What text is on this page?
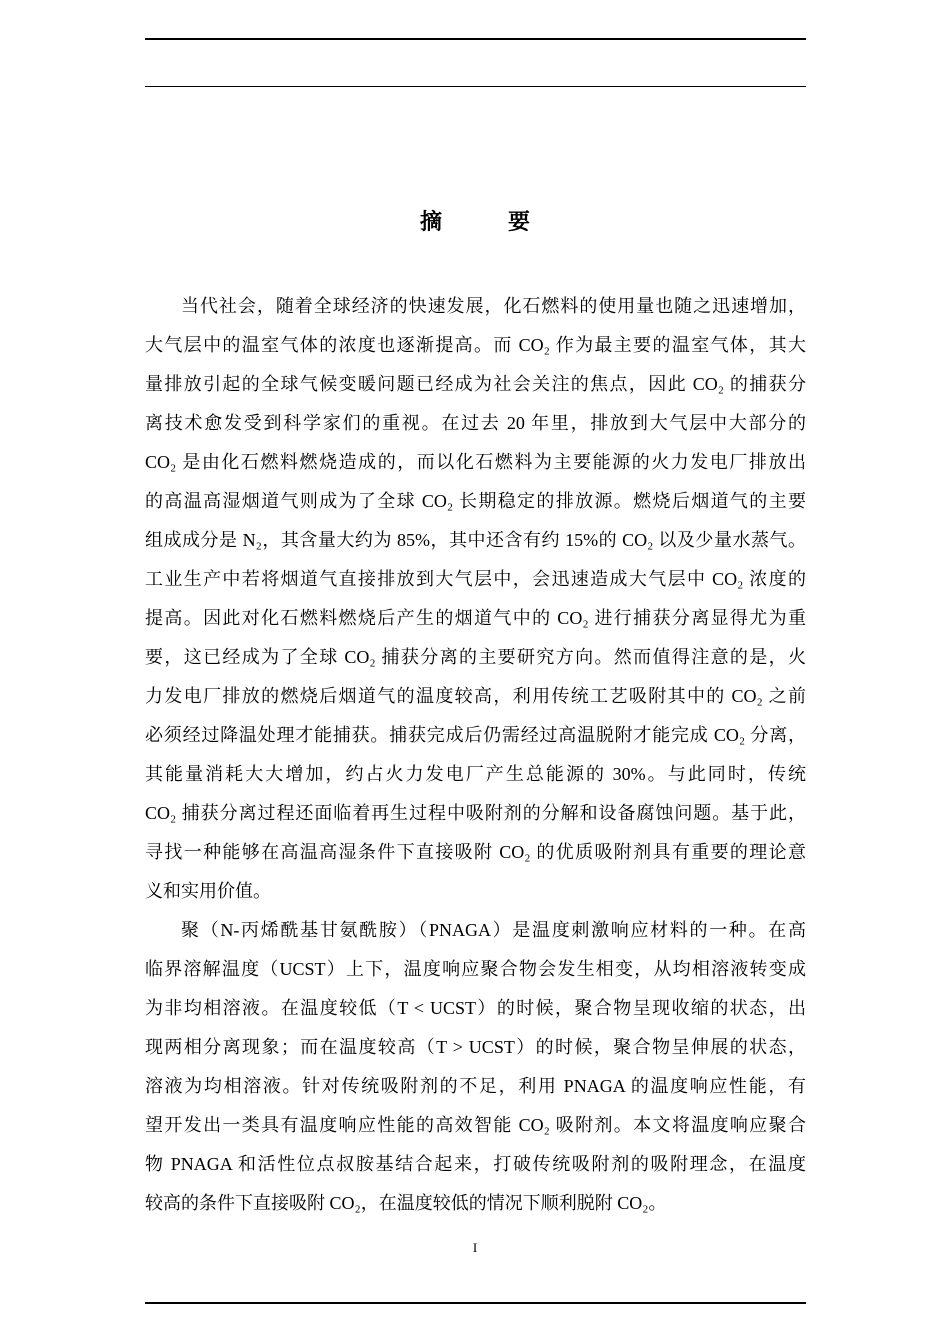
摘　要
当代社会，随着全球经济的快速发展，化石燃料的使用量也随之迅速增加，
大气层中的温室气体的浓度也逐渐提高。而 CO₂ 作为最主要的温室气体，其大
量排放引起的全球气候变暖问题已经成为社会关注的焦点，因此 CO₂ 的捕获分
离技术愈发受到科学家们的重视。在过去 20 年里，排放到大气层中大部分的
CO₂ 是由化石燃料燃烧造成的，而以化石燃料为主要能源的火力发电厂排放出
的高温高湿烟道气则成为了全球 CO₂ 长期稳定的排放源。燃烧后烟道气的主要
组成成分是 N₂，其含量大约为 85%，其中还含有约 15%的 CO₂ 以及少量水蒸气。
工业生产中若将烟道气直接排放到大气层中，会迅速造成大气层中 CO₂ 浓度的
提高。因此对化石燃料燃烧后产生的烟道气中的 CO₂ 进行捕获分离显得尤为重
要，这已经成为了全球 CO₂ 捕获分离的主要研究方向。然而值得注意的是，火
力发电厂排放的燃烧后烟道气的温度较高，利用传统工艺吸附其中的 CO₂ 之前
必须经过降温处理才能捕获。捕获完成后仍需经过高温脱附才能完成 CO₂ 分离，
其能量消耗大大增加，约占火力发电厂产生总能源的 30%。与此同时，传统
CO₂ 捕获分离过程还面临着再生过程中吸附剂的分解和设备腐蚀问题。基于此，
寻找一种能够在高温高湿条件下直接吸附 CO₂ 的优质吸附剂具有重要的理论意
义和实用价值。
聚（N-丙烯酰基甘氨酰胺）（PNAGA）是温度刺激响应材料的一种。在高
临界溶解温度（UCST）上下，温度响应聚合物会发生相变，从均相溶液转变成
为非均相溶液。在温度较低（T < UCST）的时候，聚合物呈现收缩的状态，出
现两相分离现象；而在温度较高（T > UCST）的时候，聚合物呈伸展的状态，
溶液为均相溶液。针对传统吸附剂的不足，利用 PNAGA 的温度响应性能，有
望开发出一类具有温度响应性能的高效智能 CO₂ 吸附剂。本文将温度响应聚合
物 PNAGA 和活性位点叔胺基结合起来，打破传统吸附剂的吸附理念，在温度
较高的条件下直接吸附 CO₂，在温度较低的情况下顺利脱附 CO₂。
I
